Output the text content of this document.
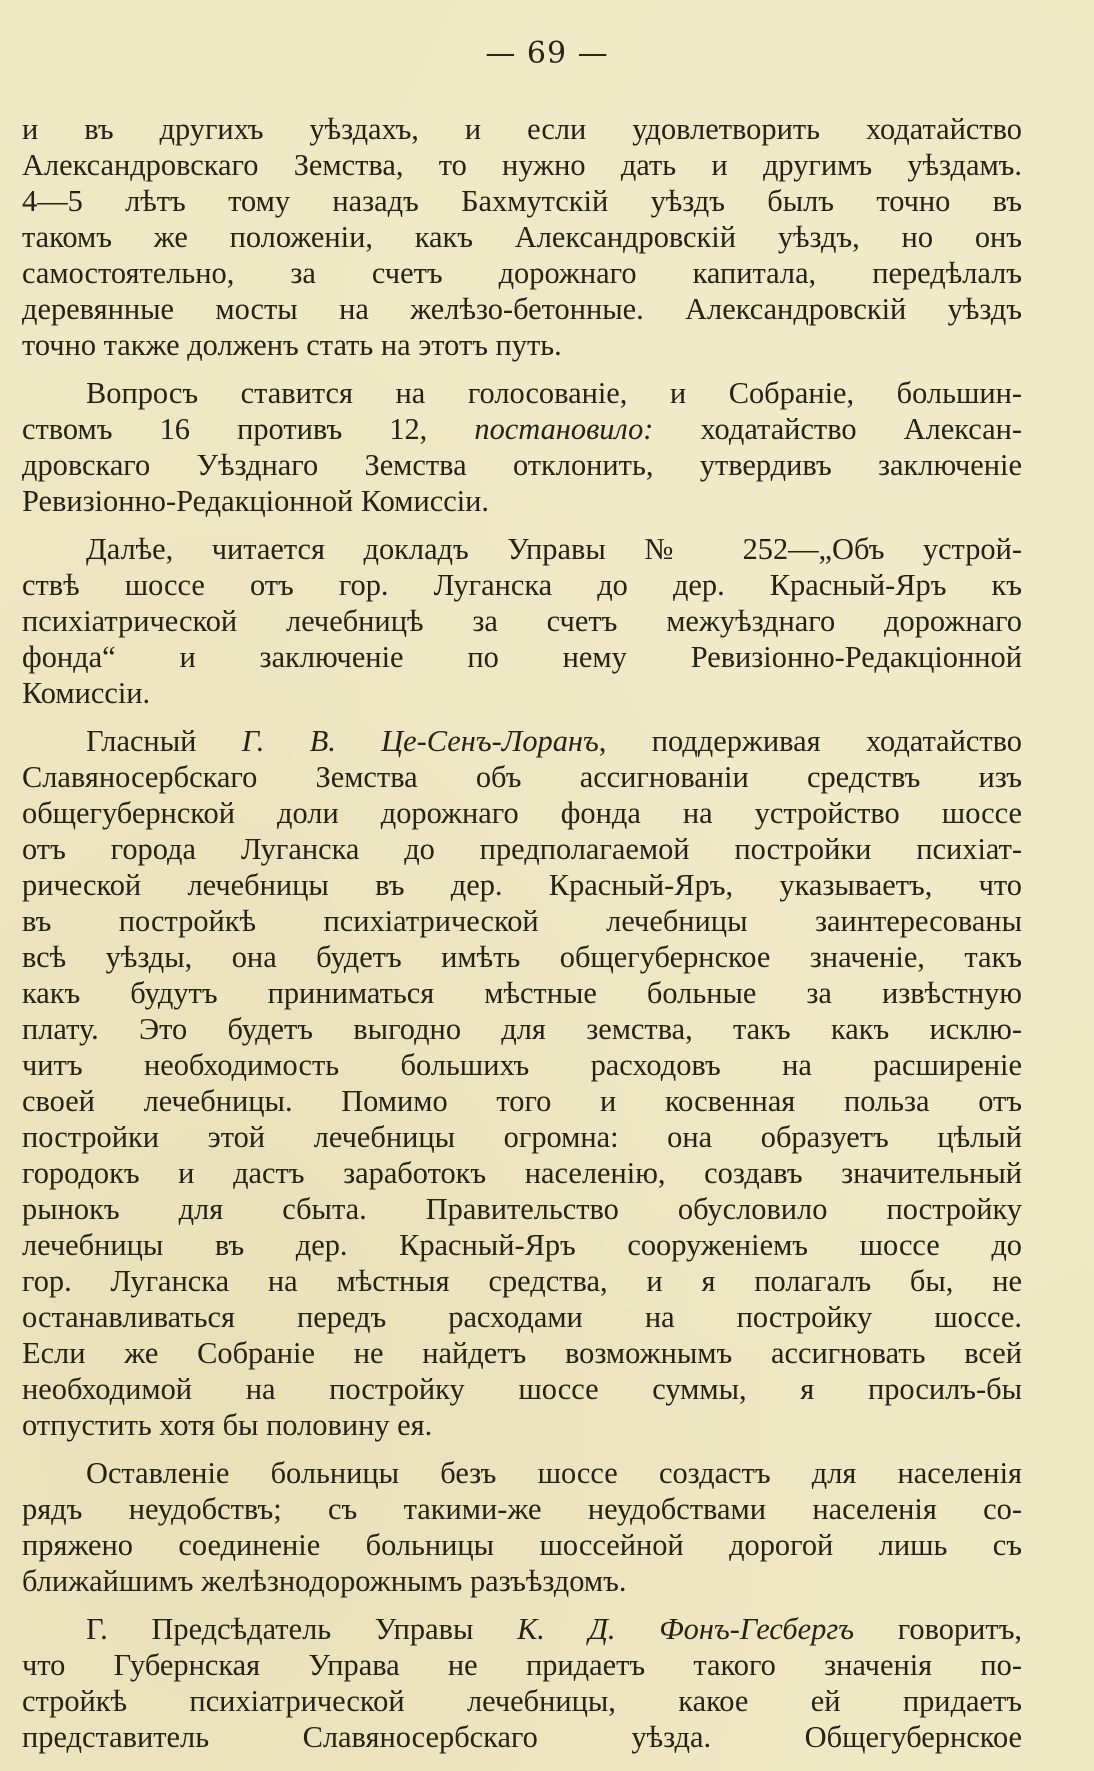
— 69 —
и въ другихъ уѣздахъ, и если удовлетворить ходатайство
Александровскаго Земства, то нужно дать и другимъ уѣздамъ.
4—5 лѣтъ тому назадъ Бахмутскій уѣздъ былъ точно въ
такомъ же положеніи, какъ Александровскій уѣздъ, но онъ
самостоятельно, за счетъ дорожнаго капитала, передѣлалъ
деревянные мосты на желѣзо-бетонные. Александровскій уѣздъ
точно также долженъ стать на этотъ путь.
Вопросъ ставится на голосованіе, и Собраніе, большин-
ствомъ 16 противъ 12, постановило: ходатайство Алексан-
дровскаго Уѣзднаго Земства отклонить, утвердивъ заключеніе
Ревизіонно-Редакціонной Комиссіи.
Далѣе, читается докладъ Управы № 252—„Объ устрой-
ствѣ шоссе отъ гор. Луганска до дер. Красный-Яръ къ
психіатрической лечебницѣ за счетъ межуѣзднаго дорожнаго
фонда“ и заключеніе по нему Ревизіонно-Редакціонной
Комиссіи.
Гласный Г. В. Це-Сенъ-Лоранъ, поддерживая ходатайство
Славяносербскаго Земства объ ассигнованіи средствъ изъ
общегубернской доли дорожнаго фонда на устройство шоссе
отъ города Луганска до предполагаемой постройки психіат-
рической лечебницы въ дер. Красный-Яръ, указываетъ, что
въ постройкѣ психіатрической лечебницы заинтересованы
всѣ уѣзды, она будетъ имѣть общегубернское значеніе, такъ
какъ будутъ приниматься мѣстные больные за извѣстную
плату. Это будетъ выгодно для земства, такъ какъ исклю-
читъ необходимость большихъ расходовъ на расширеніе
своей лечебницы. Помимо того и косвенная польза отъ
постройки этой лечебницы огромна: она образуетъ цѣлый
городокъ и дастъ заработокъ населенію, создавъ значительный
рынокъ для сбыта. Правительство обусловило постройку
лечебницы въ дер. Красный-Яръ сооруженіемъ шоссе до
гор. Луганска на мѣстныя средства, и я полагалъ бы, не
останавливаться передъ расходами на постройку шоссе.
Если же Собраніе не найдетъ возможнымъ ассигновать всей
необходимой на постройку шоссе суммы, я просилъ-бы
отпустить хотя бы половину ея.
Оставленіе больницы безъ шоссе создастъ для населенія
рядъ неудобствъ; съ такими-же неудобствами населенія со-
пряжено соединеніе больницы шоссейной дорогой лишь съ
ближайшимъ желѣзнодорожнымъ разъѣздомъ.
Г. Предсѣдатель Управы К. Д. Фонъ-Гесбергъ говоритъ,
что Губернская Управа не придаетъ такого значенія по-
стройкѣ психіатрической лечебницы, какое ей придаетъ
представитель Славяносербскаго уѣзда. Общегубернское
